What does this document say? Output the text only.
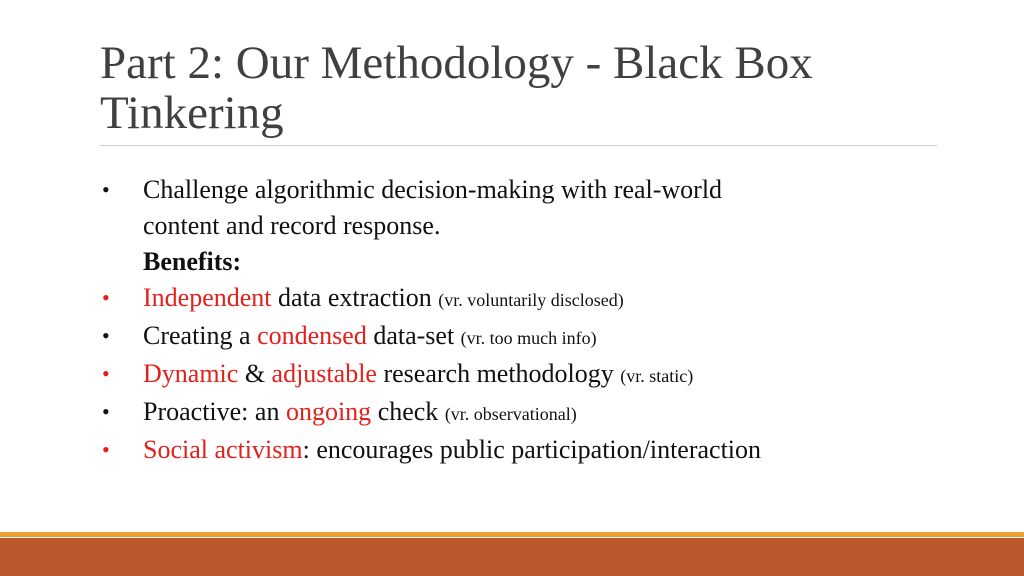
Part 2: Our Methodology - Black Box Tinkering
• Challenge algorithmic decision-making with real-world
content and record response.
Benefits:
• Independent data extraction (vr. voluntarily disclosed)
• Creating a condensed data-set (vr. too much info)
• Dynamic & adjustable research methodology (vr. static)
• Proactive: an ongoing check (vr. observational)
• Social activism: encourages public participation/interaction
